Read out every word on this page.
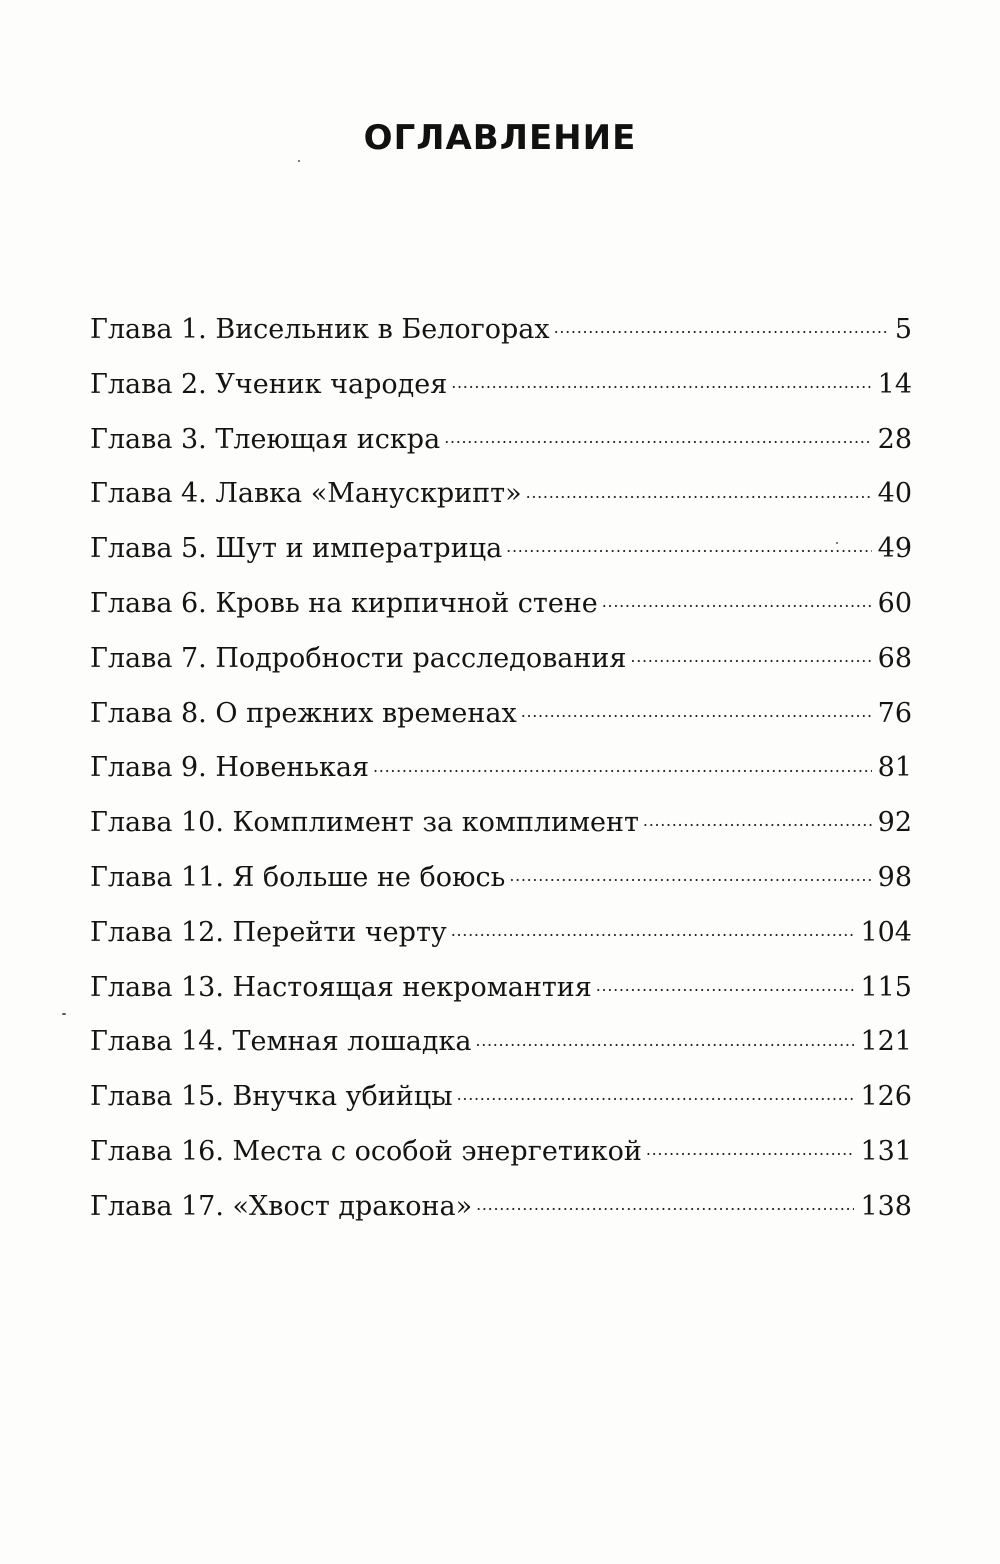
ОГЛАВЛЕНИЕ
Глава 1. Висельник в Белогорах . . .	5
Глава 2. Ученик чародея . . .	14
Глава 3. Тлеющая искра . . .	28
Глава 4. Лавка «Манускрипт» . . .	40
Глава 5. Шут и императрица . . .	49
Глава 6. Кровь на кирпичной стене . . .	60
Глава 7. Подробности расследования . . .	68
Глава 8. О прежних временах . . .	76
Глава 9. Новенькая . . .	81
Глава 10. Комплимент за комплимент . . .	92
Глава 11. Я больше не боюсь . . .	98
Глава 12. Перейти черту . . .	104
Глава 13. Настоящая некромантия . . .	115
Глава 14. Темная лошадка . . .	121
Глава 15. Внучка убийцы . . .	126
Глава 16. Места с особой энергетикой . . .	131
Глава 17. «Хвост дракона» . . .	138
